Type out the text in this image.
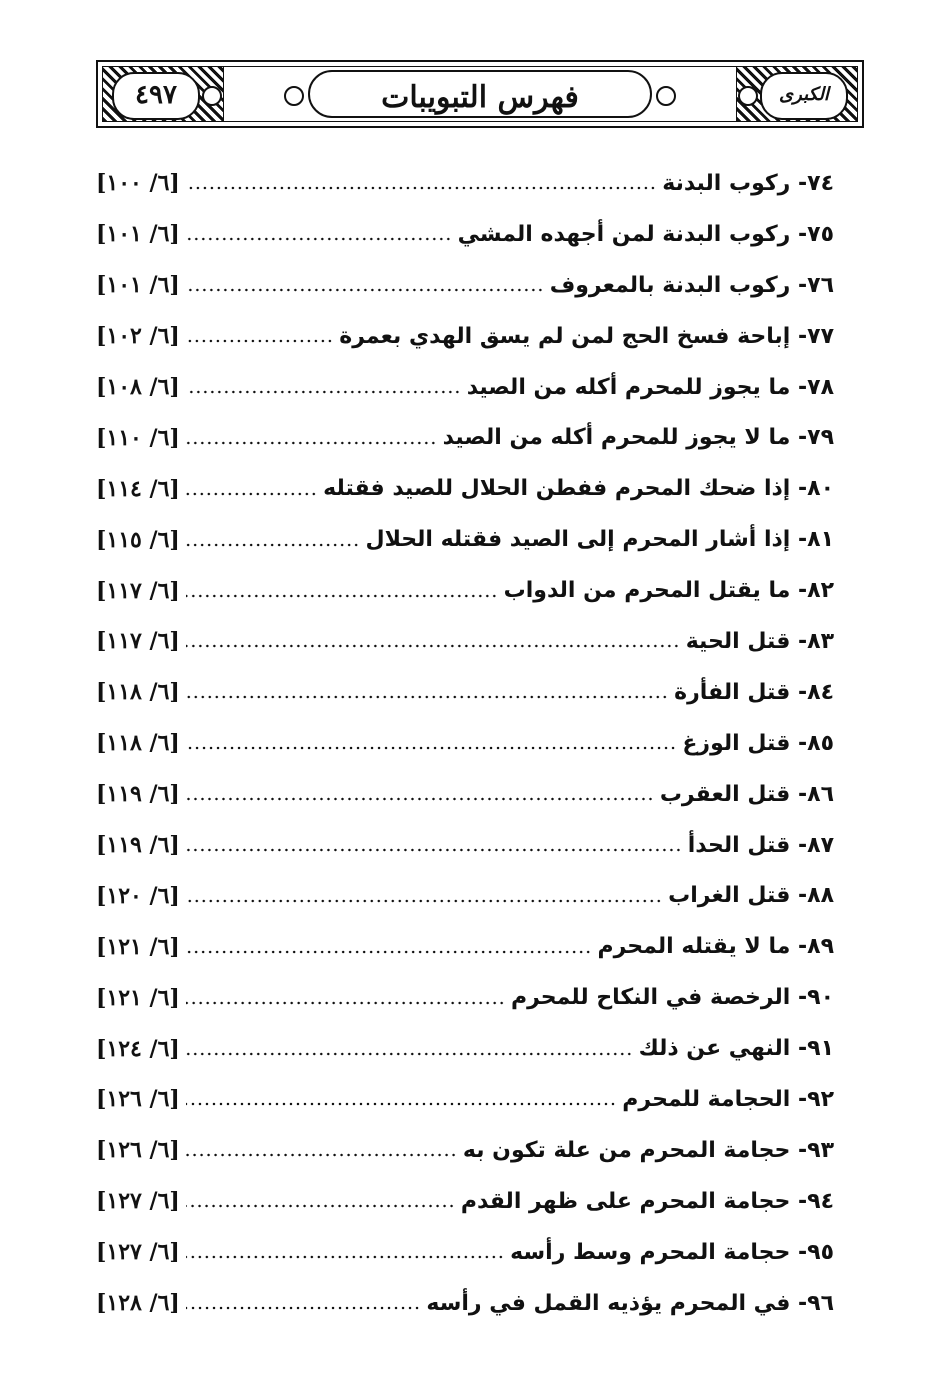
٤٩٧	فهرس التبويبات	الكبرى
[٦/ ١٠٠]	٧٤- ركوب البدنة
[٦/ ١٠١]	٧٥- ركوب البدنة لمن أجهده المشي
[٦/ ١٠١]	٧٦- ركوب البدنة بالمعروف
[٦/ ١٠٢]	٧٧- إباحة فسخ الحج لمن لم يسق الهدي بعمرة
[٦/ ١٠٨]	٧٨- ما يجوز للمحرم أكله من الصيد
[٦/ ١١٠]	٧٩- ما لا يجوز للمحرم أكله من الصيد
[٦/ ١١٤]	٨٠- إذا ضحك المحرم ففطن الحلال للصيد فقتله
[٦/ ١١٥]	٨١- إذا أشار المحرم إلى الصيد فقتله الحلال
[٦/ ١١٧]	٨٢- ما يقتل المحرم من الدواب
[٦/ ١١٧]	٨٣- قتل الحية
[٦/ ١١٨]	٨٤- قتل الفأرة
[٦/ ١١٨]	٨٥- قتل الوزغ
[٦/ ١١٩]	٨٦- قتل العقرب
[٦/ ١١٩]	٨٧- قتل الحدأ
[٦/ ١٢٠]	٨٨- قتل الغراب
[٦/ ١٢١]	٨٩- ما لا يقتله المحرم
[٦/ ١٢١]	٩٠- الرخصة في النكاح للمحرم
[٦/ ١٢٤]	٩١- النهي عن ذلك
[٦/ ١٢٦]	٩٢- الحجامة للمحرم
[٦/ ١٢٦]	٩٣- حجامة المحرم من علة تكون به
[٦/ ١٢٧]	٩٤- حجامة المحرم على ظهر القدم
[٦/ ١٢٧]	٩٥- حجامة المحرم وسط رأسه
[٦/ ١٢٨]	٩٦- في المحرم يؤذيه القمل في رأسه
